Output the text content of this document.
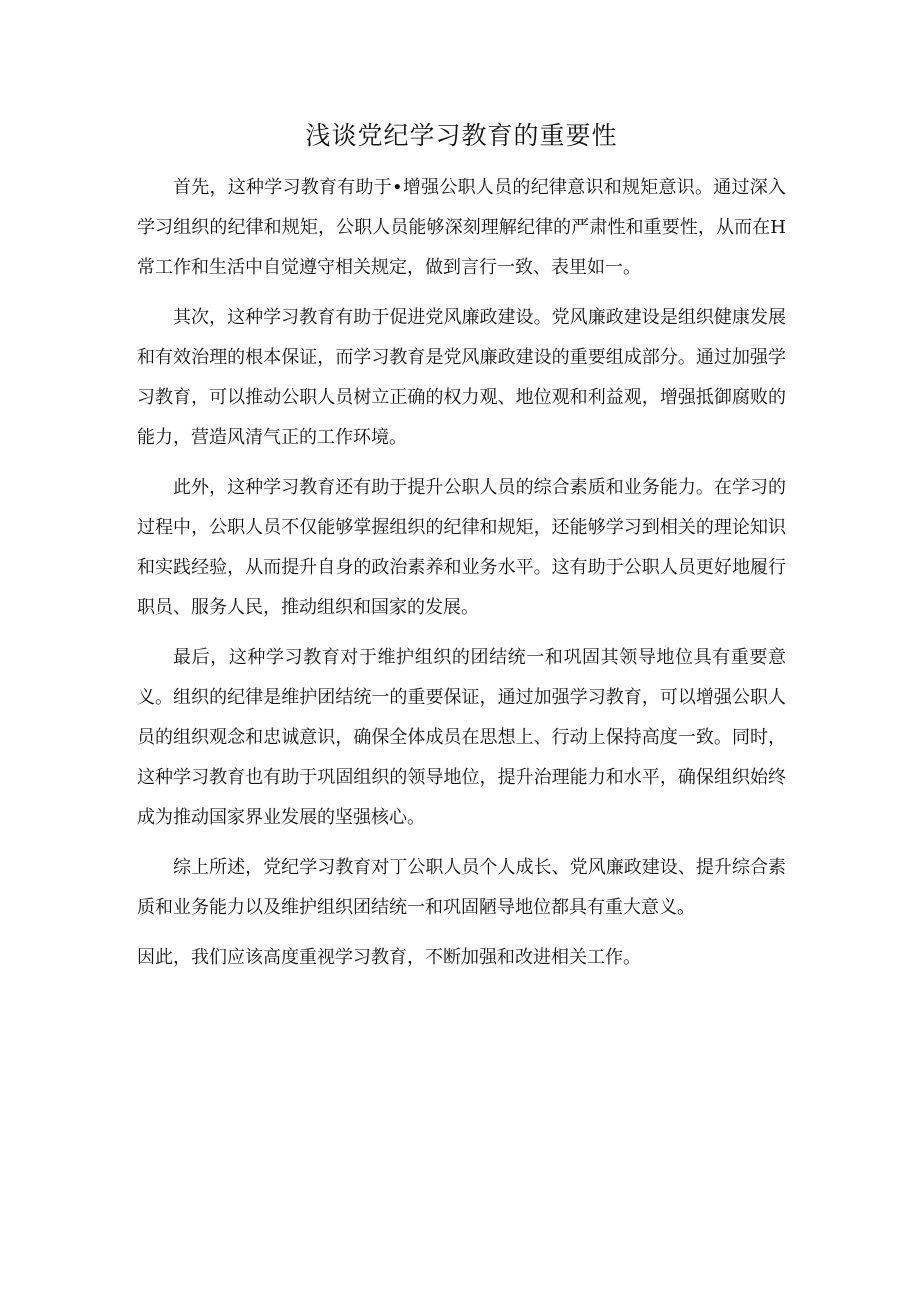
浅谈党纪学习教育的重要性

首先，这种学习教育有助于•增强公职人员的纪律意识和规矩意识。通过深入学习组织的纪律和规矩，公职人员能够深刻理解纪律的严肃性和重要性，从而在H常工作和生活中自觉遵守相关规定，做到言行一致、表里如一。

其次，这种学习教育有助于促进党风廉政建设。党风廉政建设是组织健康发展和有效治理的根本保证，而学习教育是党风廉政建设的重要组成部分。通过加强学习教育，可以推动公职人员树立正确的权力观、地位观和利益观，增强抵御腐败的能力，营造风清气正的工作环境。

此外，这种学习教育还有助于提升公职人员的综合素质和业务能力。在学习的过程中，公职人员不仅能够掌握组织的纪律和规矩，还能够学习到相关的理论知识和实践经验，从而提升自身的政治素养和业务水平。这有助于公职人员更好地履行职员、服务人民，推动组织和国家的发展。

最后，这种学习教育对于维护组织的团结统一和巩固其领导地位具有重要意义。组织的纪律是维护团结统一的重要保证，通过加强学习教育，可以增强公职人员的组织观念和忠诚意识，确保全体成员在思想上、行动上保持高度一致。同时，这种学习教育也有助于巩固组织的领导地位，提升治理能力和水平，确保组织始终成为推动国家界业发展的坚强核心。

综上所述，党纪学习教育对丁公职人员个人成长、党风廉政建设、提升综合素质和业务能力以及维护组织团结统一和巩固陋导地位都具有重大意义。

因此，我们应该高度重视学习教育，不断加强和改进相关工作。
